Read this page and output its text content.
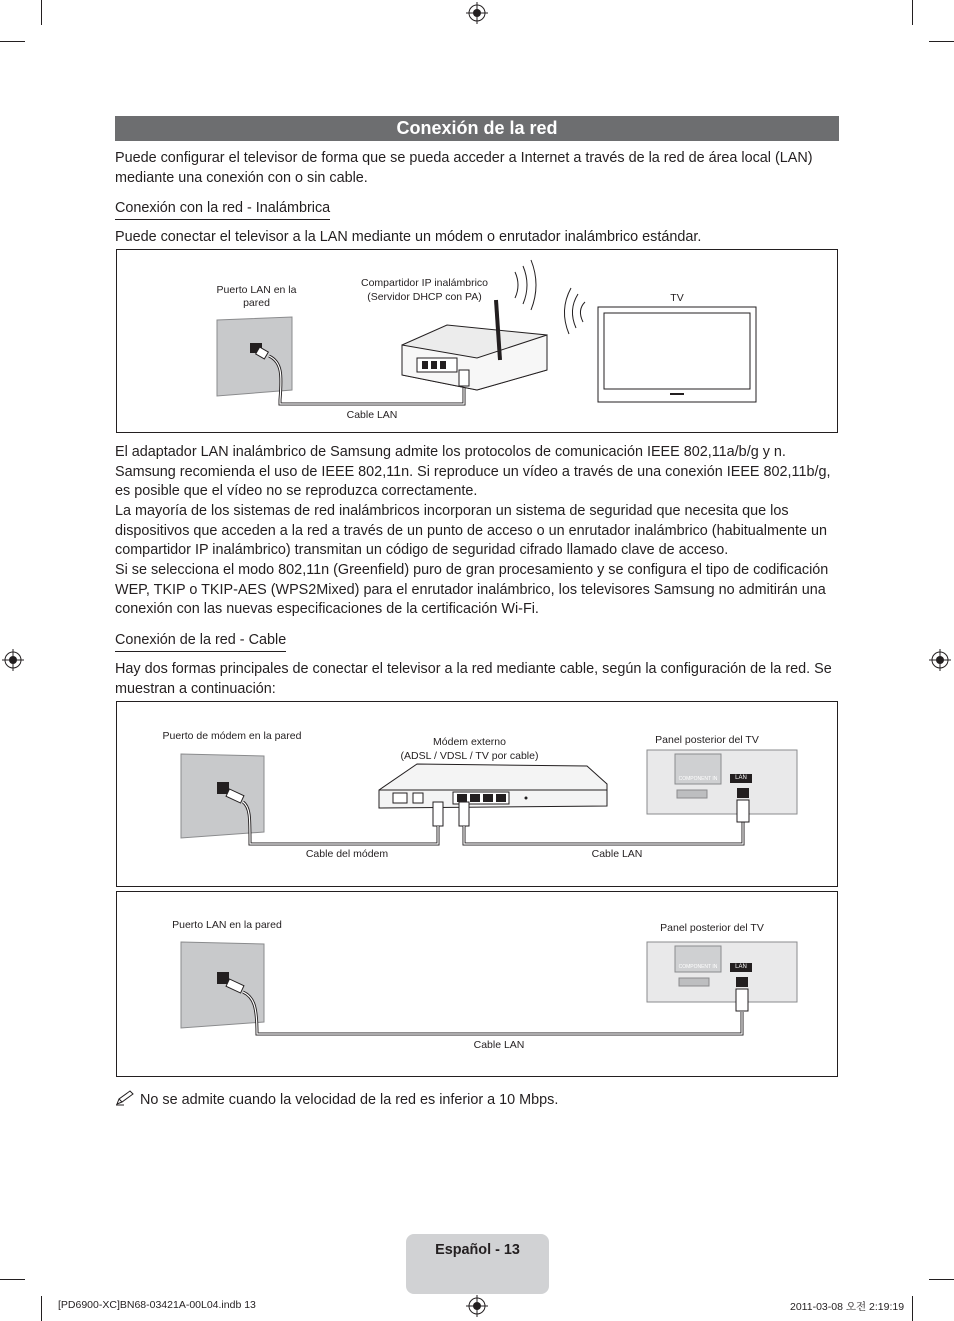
Conexión de la red
Puede configurar el televisor de forma que se pueda acceder a Internet a través de la red de área local (LAN) mediante una conexión con o sin cable.
Conexión con la red - Inalámbrica
Puede conectar el televisor a la LAN mediante un módem o enrutador inalámbrico estándar.
Puerto LAN en la pared
Compartidor IP inalámbrico
(Servidor DHCP con PA)	TV
Cable LAN
El adaptador LAN inalámbrico de Samsung admite los protocolos de comunicación IEEE 802,11a/b/g y n. Samsung recomienda el uso de IEEE 802,11n. Si reproduce un vídeo a través de una conexión IEEE 802,11b/g, es posible que el vídeo no se reproduzca correctamente.
La mayoría de los sistemas de red inalámbricos incorporan un sistema de seguridad que necesita que los dispositivos que acceden a la red a través de un punto de acceso o un enrutador inalámbrico (habitualmente un compartidor IP inalámbrico) transmitan un código de seguridad cifrado llamado clave de acceso.
Si se selecciona el modo 802,11n (Greenfield) puro de gran procesamiento y se configura el tipo de codificación WEP, TKIP o TKIP-AES (WPS2Mixed) para el enrutador inalámbrico, los televisores Samsung no admitirán una conexión con las nuevas especificaciones de la certificación Wi-Fi.
Conexión de la red - Cable
Hay dos formas principales de conectar el televisor a la red mediante cable, según la configuración de la red. Se muestran a continuación:
Puerto de módem en la pared	Módem externo
(ADSL / VDSL / TV por cable)
Panel posterior del TV
LAN
COMPONENT IN
Cable del módem	Cable LAN
Puerto LAN en la pared	Panel posterior del TV
LAN
COMPONENT IN
Cable LAN
No se admite cuando la velocidad de la red es inferior a 10 Mbps.
Español - 13
[PD6900-XC]BN68-03421A-00L04.indb 13	2011-03-08 오전 2:19:19
